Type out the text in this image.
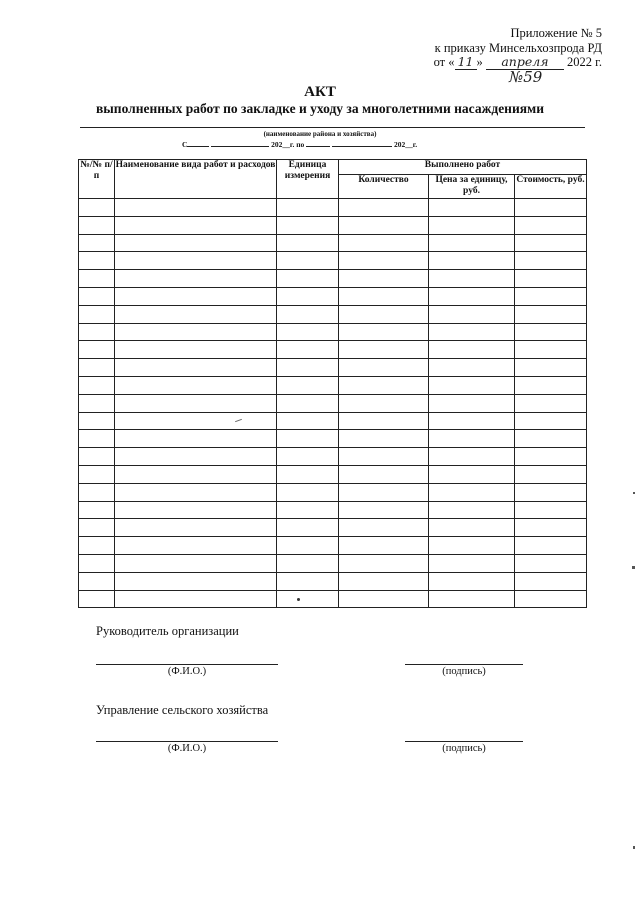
Приложение № 5
к приказу Минсельхозпрода РД
от « 11 » апреля 2022 г.
№59
АКТ
выполненных работ по закладке и уходу за многолетними насаждениями
(наименование района и хозяйства)
С	202__г. по	202__г.
№/№ п/п	Наименование вида работ и расходов	Единица измерения	Выполнено работ		
			Количество	Цена за единицу, руб.	Стоимость, руб.

Руководитель организации
(Ф.И.О.)	(подпись)
Управление сельского хозяйства
(Ф.И.О.)	(подпись)
